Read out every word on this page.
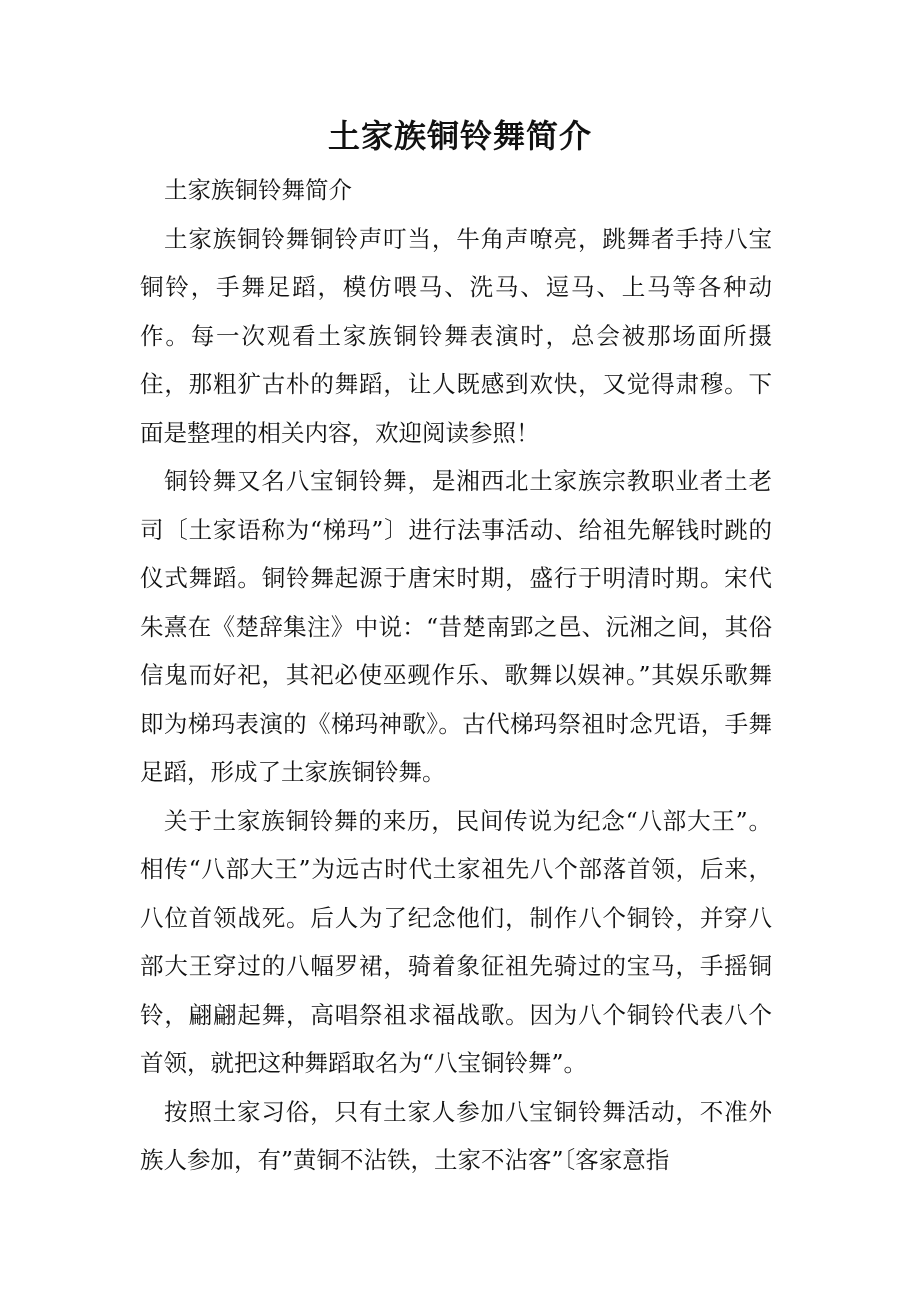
土家族铜铃舞简介

土家族铜铃舞简介

土家族铜铃舞铜铃声叮当，牛角声嘹亮，跳舞者手持八宝铜铃，手舞足蹈，模仿喂马、洗马、逗马、上马等各种动作。每一次观看土家族铜铃舞表演时，总会被那场面所摄住，那粗犷古朴的舞蹈，让人既感到欢快，又觉得肃穆。下面是整理的相关内容，欢迎阅读参照！

铜铃舞又名八宝铜铃舞，是湘西北土家族宗教职业者土老司〔土家语称为“梯玛”〕进行法事活动、给祖先解钱时跳的仪式舞蹈。铜铃舞起源于唐宋时期，盛行于明清时期。宋代朱熹在《楚辞集注》中说：“昔楚南郢之邑、沅湘之间，其俗信鬼而好祀，其祀必使巫觋作乐、歌舞以娱神。”其娱乐歌舞即为梯玛表演的《梯玛神歌》。古代梯玛祭祖时念咒语，手舞足蹈，形成了土家族铜铃舞。

关于土家族铜铃舞的来历，民间传说为纪念“八部大王”。相传“八部大王”为远古时代土家祖先八个部落首领，后来，八位首领战死。后人为了纪念他们，制作八个铜铃，并穿八部大王穿过的八幅罗裙，骑着象征祖先骑过的宝马，手摇铜铃，翩翩起舞，高唱祭祖求福战歌。因为八个铜铃代表八个首领，就把这种舞蹈取名为“八宝铜铃舞”。

按照土家习俗，只有土家人参加八宝铜铃舞活动，不准外族人参加，有”黄铜不沾铁，土家不沾客”〔客家意指
